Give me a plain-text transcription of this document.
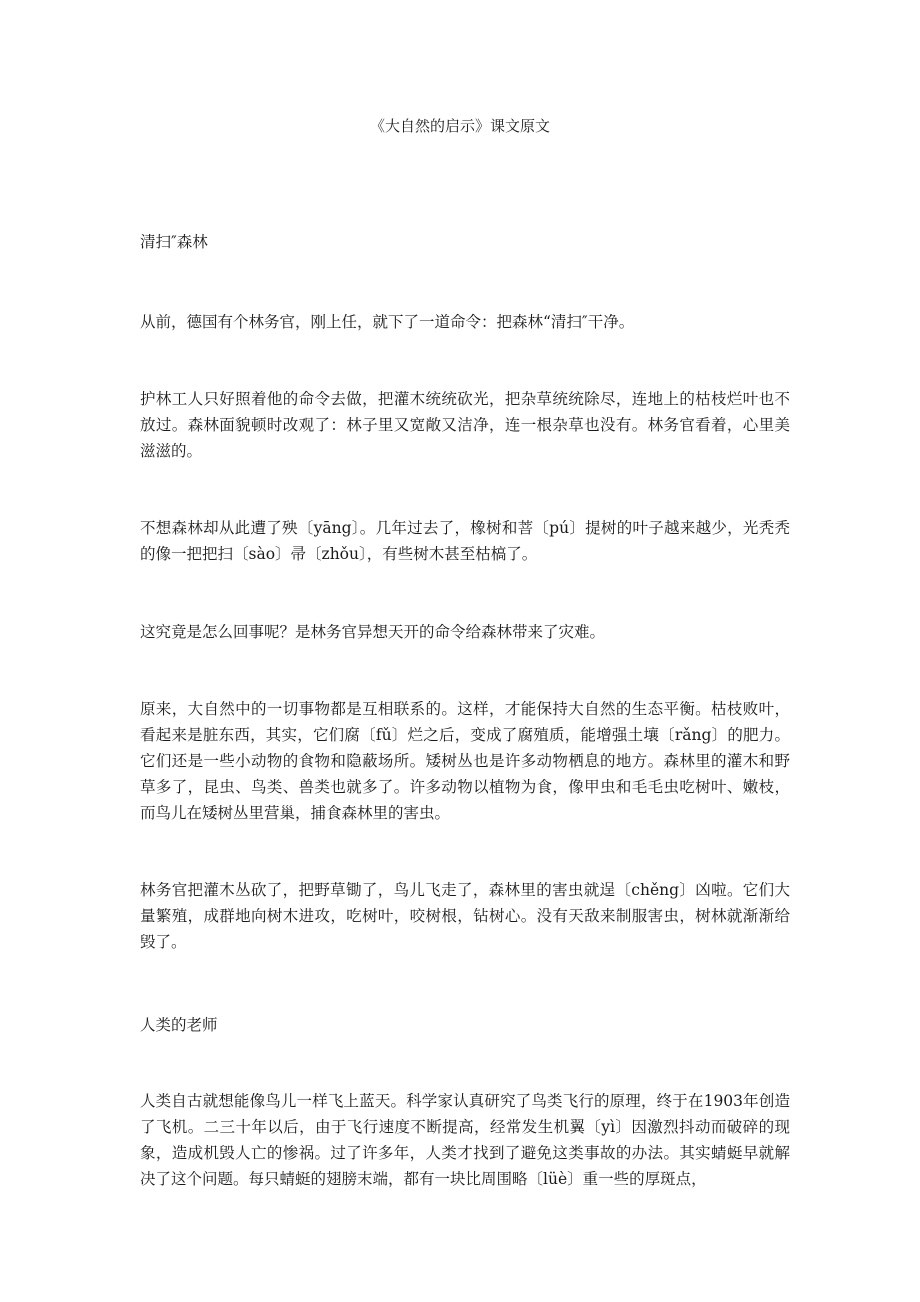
《大自然的启示》课文原文

清扫″森林

从前，德国有个林务官，刚上任，就下了一道命令：把森林“清扫″干净。

护林工人只好照着他的命令去做，把灌木统统砍光，把杂草统统除尽，连地上的枯枝烂叶也不放过。森林面貌顿时改观了：林子里又宽敞又洁净，连一根杂草也没有。林务官看着，心里美滋滋的。

不想森林却从此遭了殃〔yāng〕。几年过去了，橡树和菩〔pú〕提树的叶子越来越少，光秃秃的像一把把扫〔sào〕帚〔zhǒu〕，有些树木甚至枯槁了。

这究竟是怎么回事呢？是林务官异想天开的命令给森林带来了灾难。

原来，大自然中的一切事物都是互相联系的。这样，才能保持大自然的生态平衡。枯枝败叶，看起来是脏东西，其实，它们腐〔fǔ〕烂之后，变成了腐殖质，能增强土壤〔rǎng〕的肥力。它们还是一些小动物的食物和隐蔽场所。矮树丛也是许多动物栖息的地方。森林里的灌木和野草多了，昆虫、鸟类、兽类也就多了。许多动物以植物为食，像甲虫和毛毛虫吃树叶、嫩枝，而鸟儿在矮树丛里营巢，捕食森林里的害虫。

林务官把灌木丛砍了，把野草锄了，鸟儿飞走了，森林里的害虫就逞〔chěng〕凶啦。它们大量繁殖，成群地向树木进攻，吃树叶，咬树根，钻树心。没有天敌来制服害虫，树林就渐渐给毁了。

人类的老师

人类自古就想能像鸟儿一样飞上蓝天。科学家认真研究了鸟类飞行的原理，终于在1903年创造了飞机。二三十年以后，由于飞行速度不断提高，经常发生机翼〔yì〕因激烈抖动而破碎的现象，造成机毁人亡的惨祸。过了许多年，人类才找到了避免这类事故的办法。其实蜻蜓早就解决了这个问题。每只蜻蜓的翅膀末端，都有一块比周围略〔lüè〕重一些的厚斑点，
